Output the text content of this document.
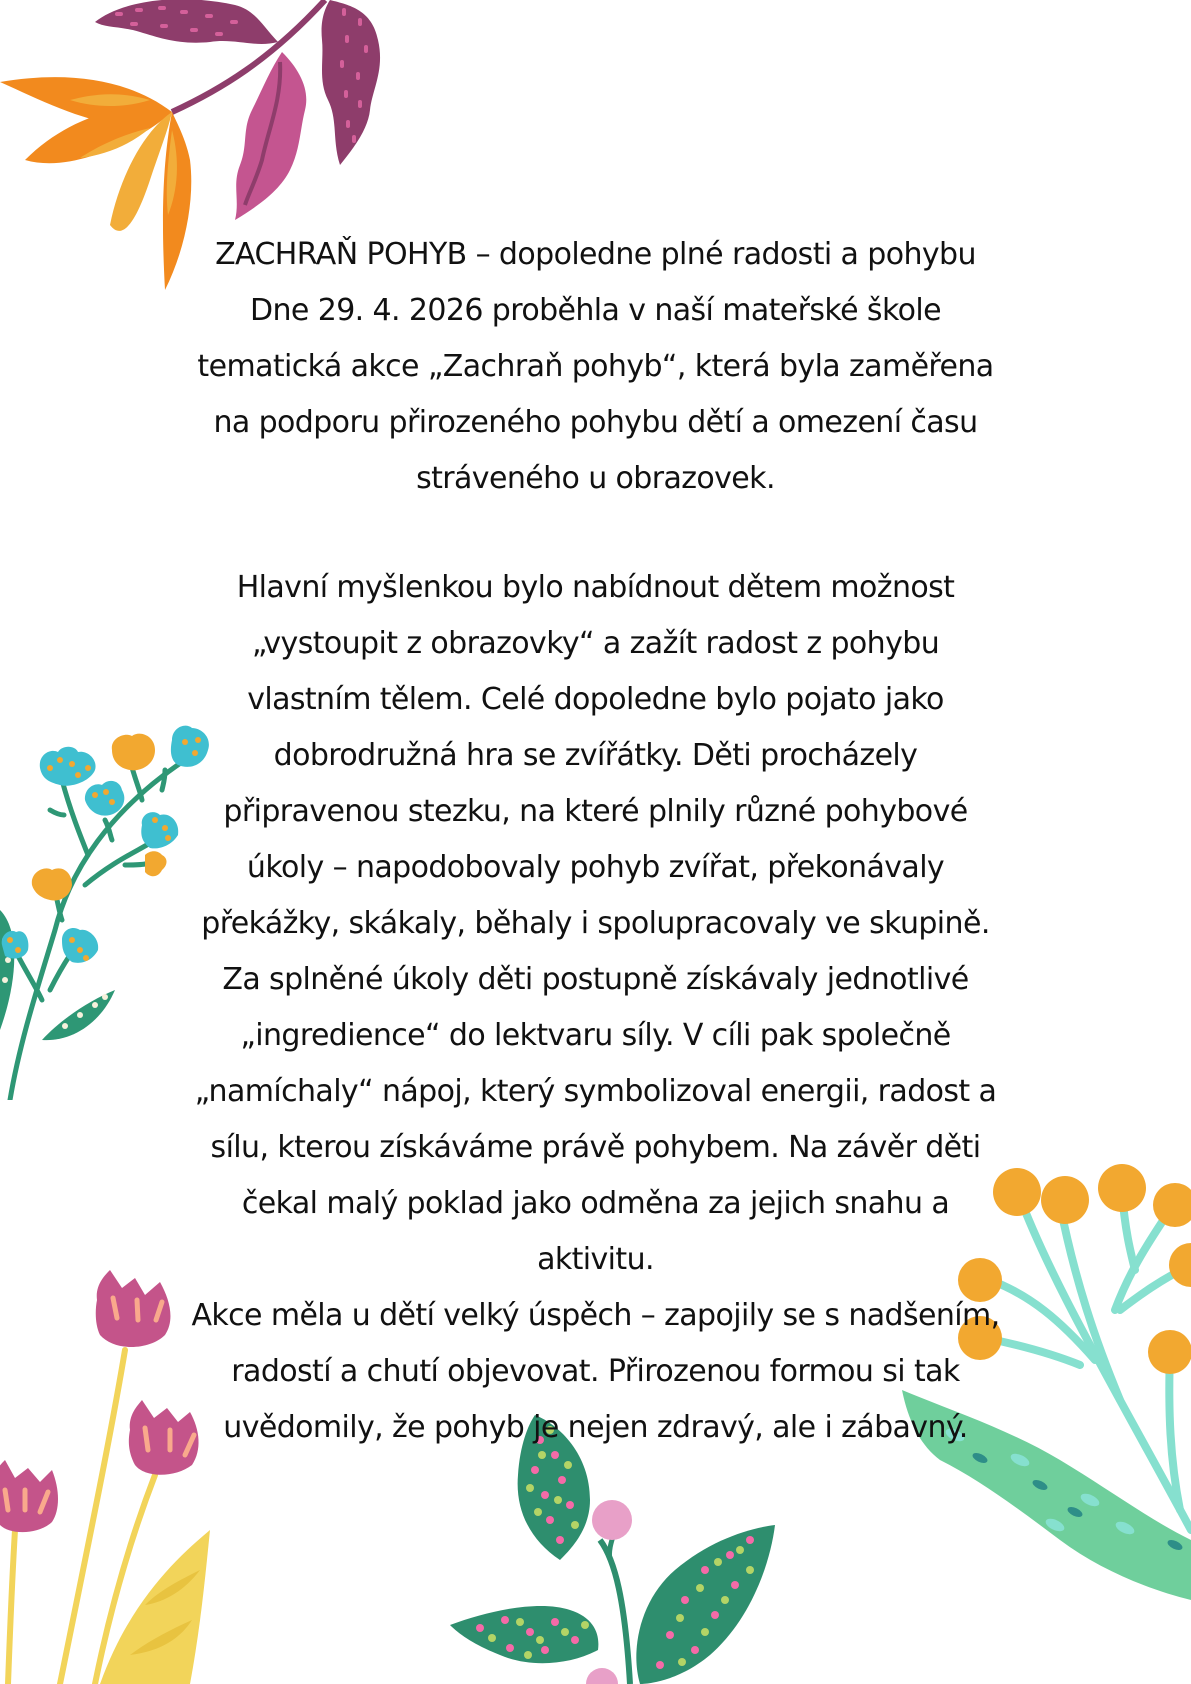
ZACHRAŇ POHYB – dopoledne plné radosti a pohybu
Dne 29. 4. 2026 proběhla v naší mateřské škole
tematická akce „Zachraň pohyb“, která byla zaměřena
na podporu přirozeného pohybu dětí a omezení času
stráveného u obrazovek.
Hlavní myšlenkou bylo nabídnout dětem možnost
„vystoupit z obrazovky“ a zažít radost z pohybu
vlastním tělem. Celé dopoledne bylo pojato jako
dobrodružná hra se zvířátky. Děti procházely
připravenou stezku, na které plnily různé pohybové
úkoly – napodobovaly pohyb zvířat, překonávaly
překážky, skákaly, běhaly i spolupracovaly ve skupině.
Za splněné úkoly děti postupně získávaly jednotlivé
„ingredience“ do lektvaru síly. V cíli pak společně
„namíchaly“ nápoj, který symbolizoval energii, radost a
sílu, kterou získáváme právě pohybem. Na závěr děti
čekal malý poklad jako odměna za jejich snahu a
aktivitu.
Akce měla u dětí velký úspěch – zapojily se s nadšením,
radostí a chutí objevovat. Přirozenou formou si tak
uvědomily, že pohyb je nejen zdravý, ale i zábavný.
